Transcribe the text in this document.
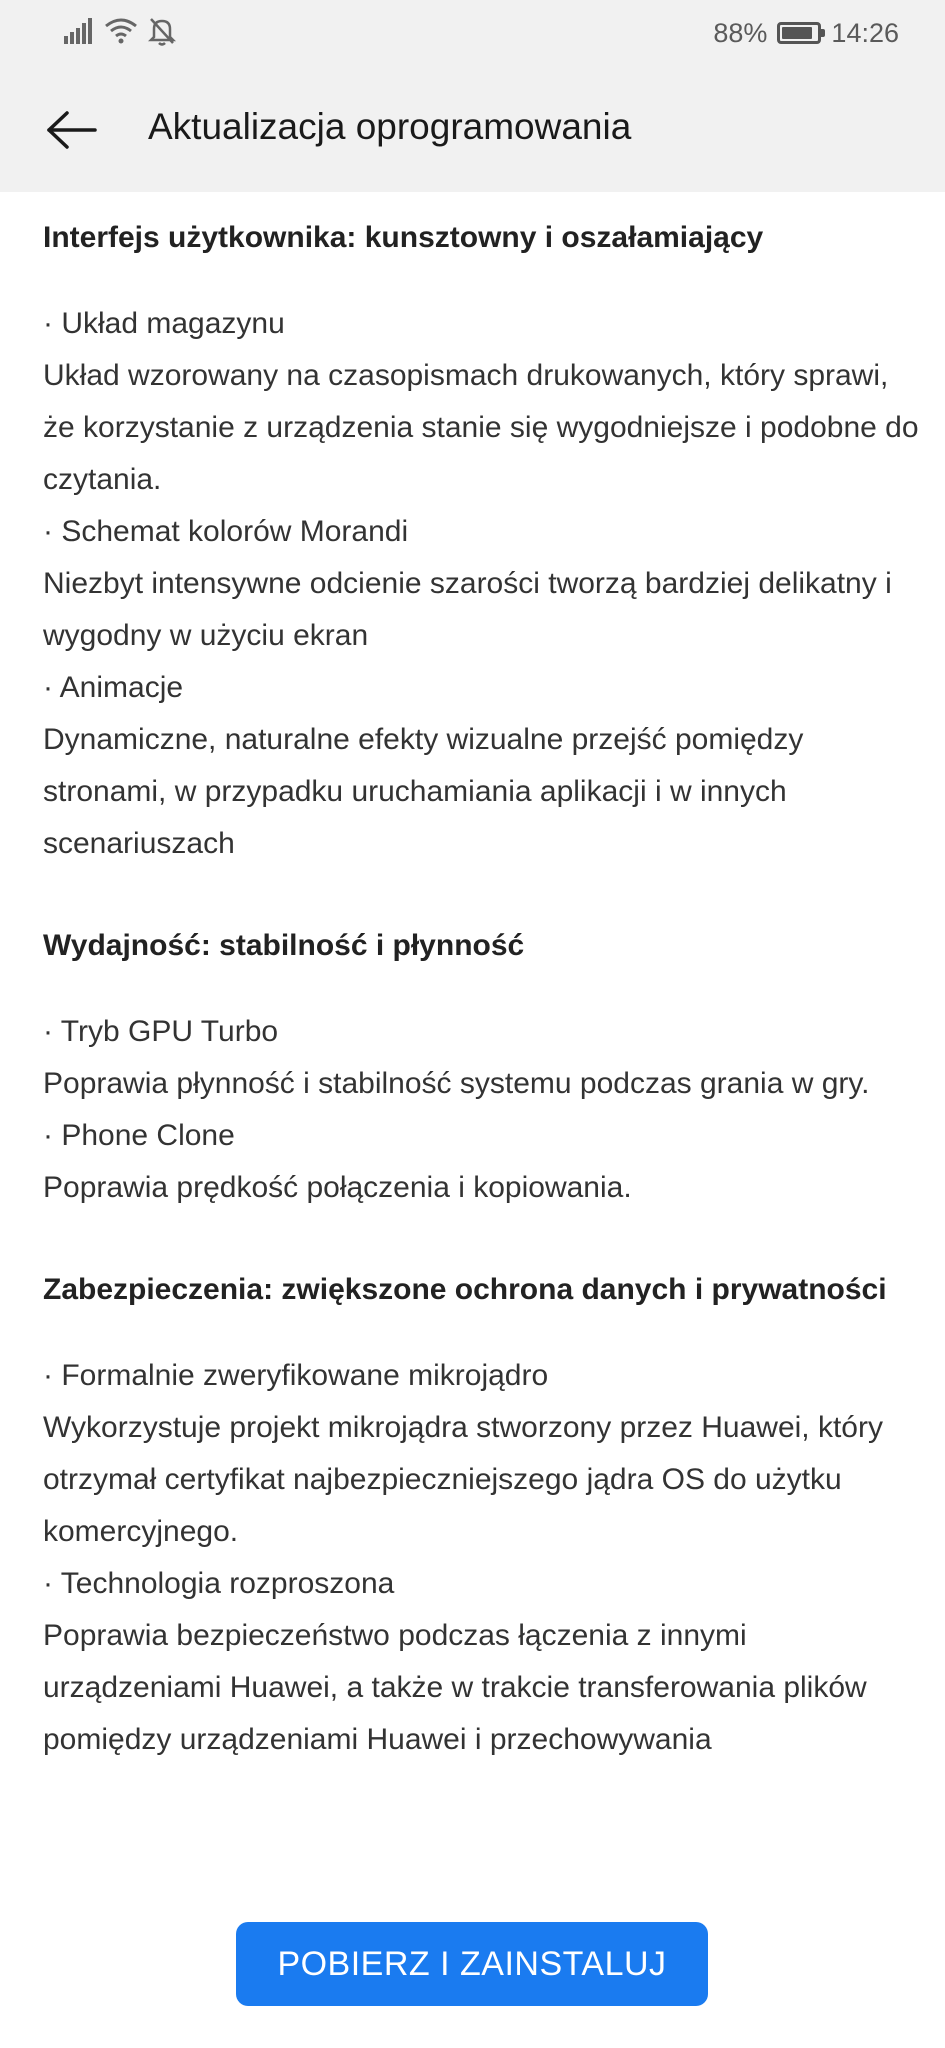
88% 14:26
Aktualizacja oprogramowania
Interfejs użytkownika: kunsztowny i oszałamiający

· Układ magazynu

Układ wzorowany na czasopismach drukowanych, który sprawi, że korzystanie z urządzenia stanie się wygodniejsze i podobne do czytania.

· Schemat kolorów Morandi

Niezbyt intensywne odcienie szarości tworzą bardziej delikatny i wygodny w użyciu ekran

· Animacje

Dynamiczne, naturalne efekty wizualne przejść pomiędzy stronami, w przypadku uruchamiania aplikacji i w innych scenariuszach

Wydajność: stabilność i płynność

· Tryb GPU Turbo

Poprawia płynność i stabilność systemu podczas grania w gry.

· Phone Clone

Poprawia prędkość połączenia i kopiowania.

Zabezpieczenia: zwiększone ochrona danych i prywatności

· Formalnie zweryfikowane mikrojądro

Wykorzystuje projekt mikrojądra stworzony przez Huawei, który otrzymał certyfikat najbezpieczniejszego jądra OS do użytku komercyjnego.

· Technologia rozproszona

Poprawia bezpieczeństwo podczas łączenia z innymi urządzeniami Huawei, a także w trakcie transferowania plików pomiędzy urządzeniami Huawei i przechowywania

POBIERZ I ZAINSTALUJ
